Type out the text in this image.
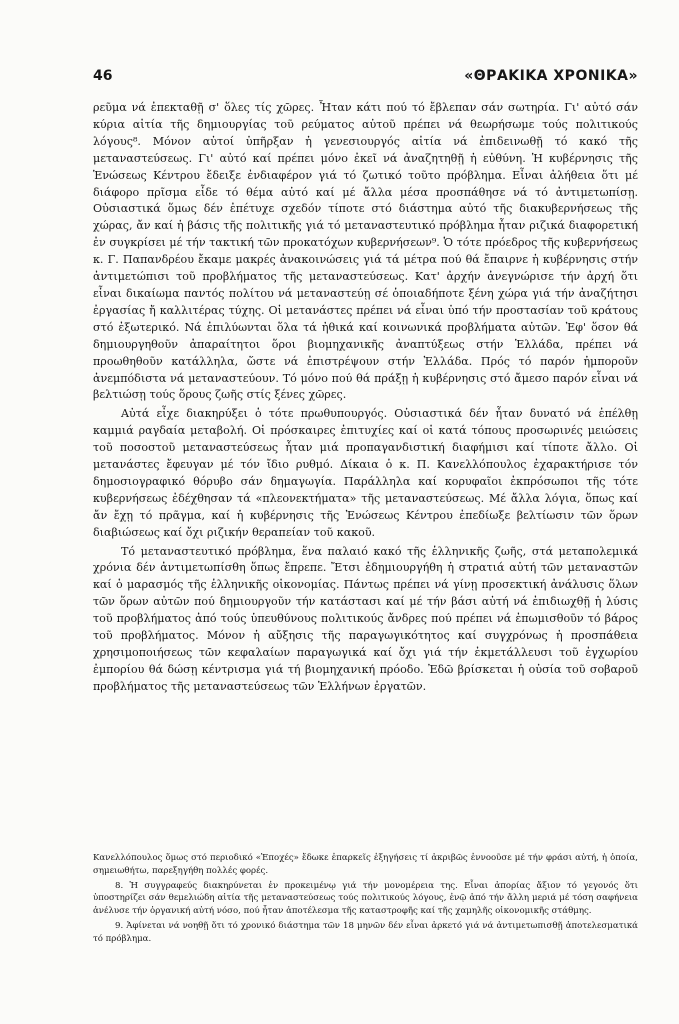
46	«ΘΡΑΚΙΚΑ ΧΡΟΝΙΚΑ»

ρεῦμα νά ἐπεκταθῇ σ' ὅλες τίς χῶρες. Ἦταν κάτι πού τό ἔβλεπαν σάν σωτηρία. Γι' αὐτό σάν κύρια αἰτία τῆς δημιουργίας τοῦ ρεύματος αὐτοῦ πρέπει νά θεωρήσωμε τούς πολιτικούς λόγους⁸. Μόνον αὐτοί ὑπῆρξαν ἡ γενεσιουργός αἰτία νά ἐπιδεινωθῇ τό κακό τῆς μεταναστεύσεως. Γι' αὐτό καί πρέπει μόνο ἐκεῖ νά ἀναζητηθῇ ἡ εὐθύνη. Ἡ κυβέρνησις τῆς Ἑνώσεως Κέντρου ἔδειξε ἐνδιαφέρον γιά τό ζωτικό τοῦτο πρόβλημα. Εἶναι ἀλήθεια ὅτι μέ διάφορο πρῖσμα εἶδε τό θέμα αὐτό καί μέ ἄλλα μέσα προσπάθησε νά τό ἀντιμετωπίσῃ. Οὐσιαστικά ὅμως δέν ἐπέτυχε σχεδόν τίποτε στό διάστημα αὐτό τῆς διακυβερνήσεως τῆς χώρας, ἄν καί ἡ βάσις τῆς πολιτικῆς γιά τό μεταναστευτικό πρόβλημα ἦταν ριζικά διαφορετική ἐν συγκρίσει μέ τήν τακτική τῶν προκατόχων κυβερνήσεων⁹. Ὁ τότε πρόεδρος τῆς κυβερνήσεως κ. Γ. Παπανδρέου ἔκαμε μακρές ἀνακοινώσεις γιά τά μέτρα πού θά ἔπαιρνε ἡ κυβέρνησις στήν ἀντιμετώπισι τοῦ προβλήματος τῆς μεταναστεύσεως. Κατ' ἀρχήν ἀνεγνώρισε τήν ἀρχή ὅτι εἶναι δικαίωμα παντός πολίτου νά μεταναστεύῃ σέ ὁποιαδήποτε ξένη χώρα γιά τήν ἀναζήτησι ἐργασίας ἤ καλλιτέρας τύχης. Οἱ μετανάστες πρέπει νά εἶναι ὑπό τήν προστασίαν τοῦ κράτους στό ἐξωτερικό. Νά ἐπιλύωνται ὅλα τά ἠθικά καί κοινωνικά προβλήματα αὐτῶν. Ἐφ' ὅσον θά δημιουργηθοῦν ἀπαραίτητοι ὅροι βιομηχανικῆς ἀναπτύξεως στήν Ἑλλάδα, πρέπει νά προωθηθοῦν κατάλληλα, ὥστε νά ἐπιστρέψουν στήν Ἑλλάδα. Πρός τό παρόν ἠμποροῦν ἀνεμπόδιστα νά μεταναστεύουν. Τό μόνο πού θά πράξῃ ἡ κυβέρνησις στό ἄμεσο παρόν εἶναι νά βελτιώσῃ τούς ὅρους ζωῆς στίς ξένες χῶρες.

Αὐτά εἶχε διακηρύξει ὁ τότε πρωθυπουργός. Οὐσιαστικά δέν ἦταν δυνατό νά ἐπέλθῃ καμμιά ραγδαία μεταβολή. Οἱ πρόσκαιρες ἐπιτυχίες καί οἱ κατά τόπους προσωρινές μειώσεις τοῦ ποσοστοῦ μεταναστεύσεως ἦταν μιά προπαγανδιστική διαφήμισι καί τίποτε ἄλλο. Οἱ μετανάστες ἔφευγαν μέ τόν ἴδιο ρυθμό. Δίκαια ὁ κ. Π. Κανελλόπουλος ἐχαρακτήρισε τόν δημοσιογραφικό θόρυβο σάν δημαγωγία. Παράλληλα καί κορυφαῖοι ἐκπρόσωποι τῆς τότε κυβερνήσεως ἐδέχθησαν τά «πλεονεκτήματα» τῆς μεταναστεύσεως. Μέ ἄλλα λόγια, ὅπως καί ἄν ἔχῃ τό πρᾶγμα, καί ἡ κυβέρνησις τῆς Ἑνώσεως Κέντρου ἐπεδίωξε βελτίωσιν τῶν ὅρων διαβιώσεως καί ὄχι ριζικήν θεραπείαν τοῦ κακοῦ.

Τό μεταναστευτικό πρόβλημα, ἕνα παλαιό κακό τῆς ἑλληνικῆς ζωῆς, στά μεταπολεμικά χρόνια δέν ἀντιμετωπίσθη ὅπως ἔπρεπε. Ἔτσι ἐδημιουργήθη ἡ στρατιά αὐτή τῶν μεταναστῶν καί ὁ μαρασμός τῆς ἑλληνικῆς οἰκονομίας. Πάντως πρέπει νά γίνῃ προσεκτική ἀνάλυσις ὅλων τῶν ὅρων αὐτῶν πού δημιουργοῦν τήν κατάστασι καί μέ τήν βάσι αὐτή νά ἐπιδιωχθῇ ἡ λύσις τοῦ προβλήματος ἀπό τούς ὑπευθύνους πολιτικούς ἄνδρες πού πρέπει νά ἐπωμισθοῦν τό βάρος τοῦ προβλήματος. Μόνον ἡ αὔξησις τῆς παραγωγικότητος καί συγχρόνως ἡ προσπάθεια χρησιμοποιήσεως τῶν κεφαλαίων παραγωγικά καί ὄχι γιά τήν ἐκμετάλλευσι τοῦ ἐγχωρίου ἐμπορίου θά δώσῃ κέντρισμα γιά τή βιομηχανική πρόοδο. Ἐδῶ βρίσκεται ἡ οὐσία τοῦ σοβαροῦ προβλήματος τῆς μεταναστεύσεως τῶν Ἑλλήνων ἐργατῶν.

Κανελλόπουλος ὅμως στό περιοδικό «Ἐποχές» ἔδωκε ἐπαρκεῖς ἐξηγήσεις τί ἀκριβῶς ἐννοοῦσε μέ τήν φράσι αὐτή, ἡ ὁποία, σημειωθήτω, παρεξηγήθη πολλές φορές.

8. Ἡ συγγραφεύς διακηρύνεται ἐν προκειμένῳ γιά τήν μονομέρεια της. Εἶναι ἀπορίας ἄξιον τό γεγονός ὅτι ὑποστηρίζει σάν θεμελιώδη αἰτία τῆς μεταναστεύσεως τούς πολιτικούς λόγους, ἐνῷ ἀπό τήν ἄλλη μεριά μέ τόση σαφήνεια ἀνέλυσε τήν ὀργανική αὐτή νόσο, πού ἦταν ἀποτέλεσμα τῆς καταστροφῆς καί τῆς χαμηλῆς οἰκονομικῆς στάθμης.

9. Ἀφίνεται νά νοηθῇ ὅτι τό χρονικό διάστημα τῶν 18 μηνῶν δέν εἶναι ἀρκετό γιά νά ἀντιμετωπισθῇ ἀποτελεσματικά τό πρόβλημα.
